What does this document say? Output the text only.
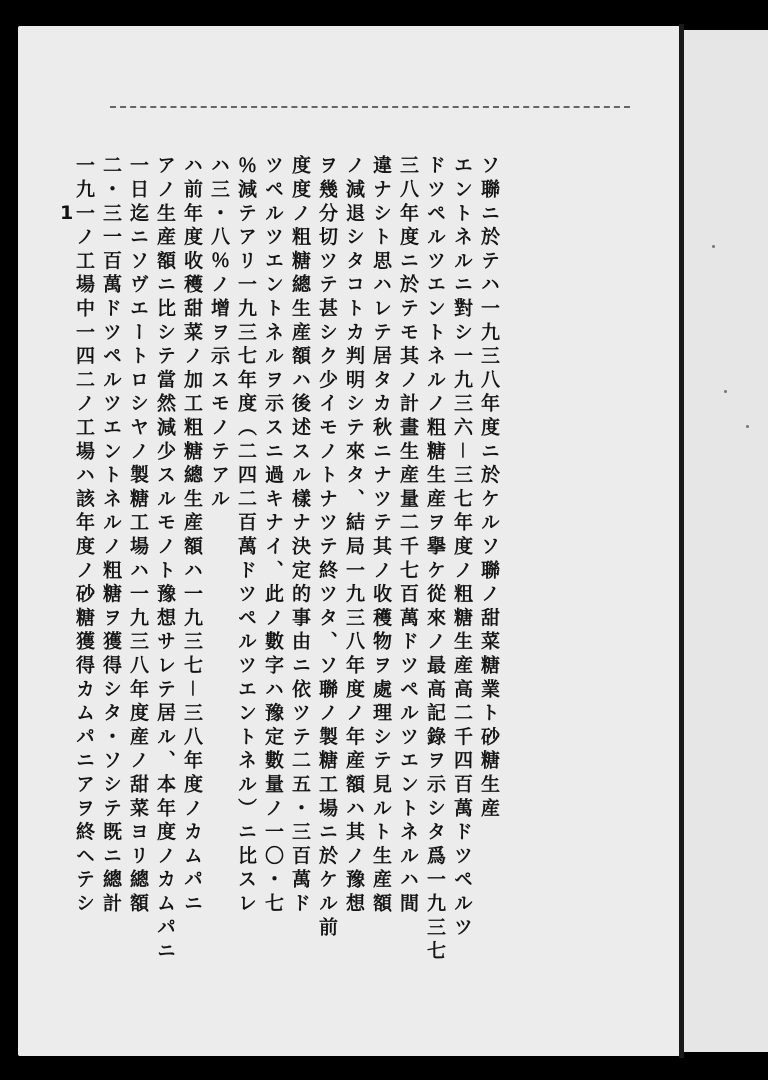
1	ソ聯ニ於テハ一九三八年度ニ於ケルソ聯ノ甜菜糖業ト砂糖生産
エントネルニ對シ一九三六－三七年度ノ粗糖生産高二千四百萬ドツペルツ
ドツペルツエントネルノ粗糖生産ヲ擧ケ從來ノ最高記錄ヲ示シタ爲一九三七
三八年度ニ於テモ其ノ計畫生産量二千七百萬ドツペルツエントネルハ間
違ナシト思ハレテ居タカ秋ニナツテ其ノ收穫物ヲ處理シテ見ルト生産額
ノ減退シタコトカ判明シテ來タ、結局一九三八年度ノ年産額ハ其ノ豫想
ヲ幾分切ツテ甚シク少イモノトナツテ終ツタ、ソ聯ノ製糖工場ニ於ケル前
度度ノ粗糖總生産額ハ後述スル樣ナ決定的事由ニ依ツテ二五・三百萬ド
ツペルツエントネルヲ示スニ過キナイ、此ノ數字ハ豫定數量ノ一〇・七
％減テアリ一九三七年度（二四二百萬ドツペルツエントネル）ニ比スレ
ハ三・八％ノ增ヲ示スモノテアル
ハ前年度收穫甜菜ノ加工粗糖總生産額ハ一九三七－三八年度ノカムパニ
アノ生産額ニ比シテ當然減少スルモノト豫想サレテ居ル、本年度ノカムパニ
一日迄ニソヴエートロシヤノ製糖工場ハ一九三八年度産ノ甜菜ヨリ總額
二・三一百萬ドツペルツエントネルノ粗糖ヲ獲得シタ・ソシテ既ニ總計
一九一ノ工場中一四二ノ工場ハ該年度ノ砂糖獲得カムパニアヲ終ヘテシ
